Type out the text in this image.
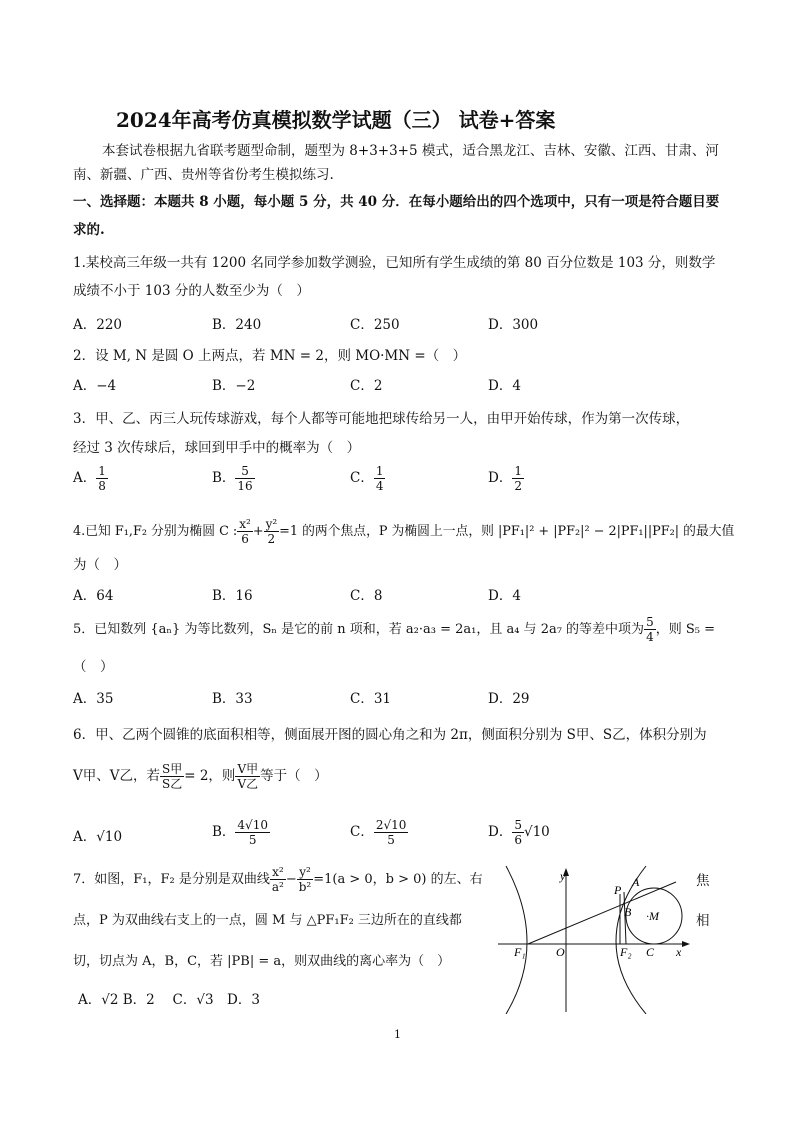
2024年高考仿真模拟数学试题（三） 试卷+答案
本套试卷根据九省联考题型命制，题型为 8+3+3+5 模式，适合黑龙江、吉林、安徽、江西、甘肃、河
南、新疆、广西、贵州等省份考生模拟练习.
一、选择题：本题共 8 小题，每小题 5 分，共 40 分．在每小题给出的四个选项中，只有一项是符合题目要
求的.
1.某校高三年级一共有 1200 名同学参加数学测验，已知所有学生成绩的第 80 百分位数是 103 分，则数学
成绩不小于 103 分的人数至少为（　）
A．220	B．240	C．250	D．300
2．设 M, N 是圆 O 上两点，若 MN = 2，则 MO·MN =（　）
A．−4	B．−2	C．2	D．4
3．甲、乙、丙三人玩传球游戏，每个人都等可能地把球传给另一人，由甲开始传球，作为第一次传球，
经过 3 次传球后，球回到甲手中的概率为（　）
A． $\frac{1}{8}$	B． $\frac{5}{16}$	C． $\frac{1}{4}$	D． $\frac{1}{2}$
4.已知 F₁,F₂ 分别为椭圆 C : $\frac{\text{x²}}{6} + \frac{\text{y²}}{2} =1$ 的两个焦点，P 为椭圆上一点，则 |PF₁|² + |PF₂|² − 2|PF₁||PF₂| 的最大值
为（　）
A．64	B．16	C．8	D．4
5．已知数列 {aₙ} 为等比数列，Sₙ 是它的前 n 项和，若 a₂·a₃ = 2a₁，且 a₄ 与 2a₇ 的等差中项为 $\frac{5}{4}$ ，则 S₅ =
（　）
A．35	B．33	C．31	D．29
6．甲、乙两个圆锥的底面积相等，侧面展开图的圆心角之和为 2π，侧面积分别为 S甲、S乙，体积分别为
V甲、V乙，若 $\frac{\text{S甲}}{\text{S乙}} = 2$，则 $\frac{\text{V甲}}{\text{V乙}}$ 等于（　）
A．√10	B． $\frac{4√10}{5}$	C． $\frac{2√10}{5}$	D． $\frac{5}{6} √10$
7．如图，F₁，F₂ 是分别是双曲线 $\frac{\text{x²}}{\text{a²}} - \frac{\text{y²}}{\text{b²}} =1(a > 0$，b > 0) 的左、右	焦
点，P 为双曲线右支上的一点，圆 M 与 △PF₁F₂ 三边所在的直线都	相
切，切点为 A，B，C，若 |PB| = a，则双曲线的离心率为（　）
A．√2 B．2　 C．√3　D．3
y
x
P
A
B ·M
F₁	O	F₂ C
1
